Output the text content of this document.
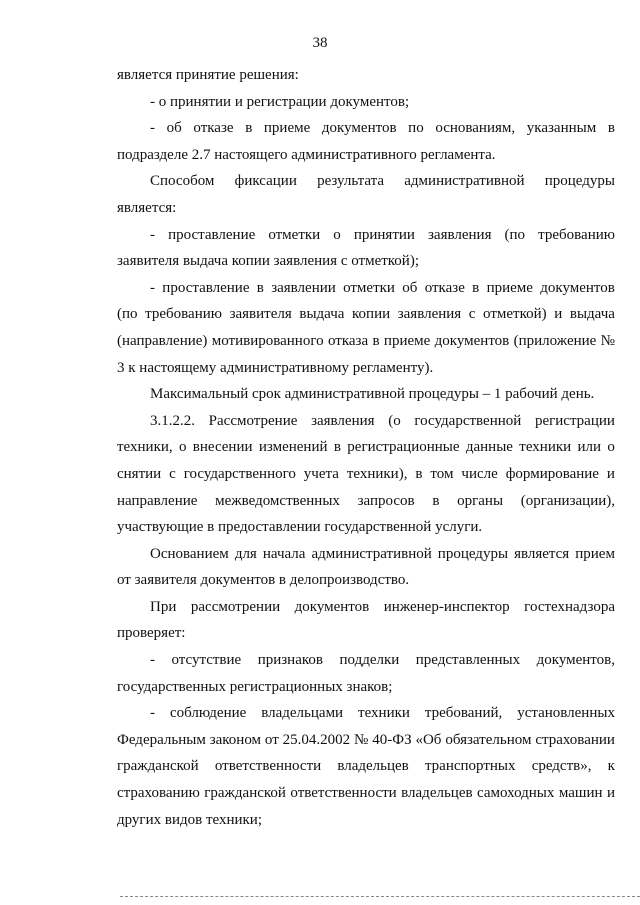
38
является принятие решения:
- о принятии и регистрации документов;
- об отказе в приеме документов по основаниям, указанным в
подразделе 2.7 настоящего административного регламента.
Способом фиксации результата административной процедуры
является:
- проставление отметки о принятии заявления (по требованию
заявителя выдача копии заявления с отметкой);
- проставление в заявлении отметки об отказе в приеме документов
(по требованию заявителя выдача копии заявления с отметкой) и выдача
(направление) мотивированного отказа в приеме документов (приложение №
3 к настоящему административному регламенту).
Максимальный срок административной процедуры – 1 рабочий день.
3.1.2.2. Рассмотрение заявления (о государственной регистрации
техники, о внесении изменений в регистрационные данные техники или о
снятии с государственного учета техники), в том числе формирование и
направление межведомственных запросов в органы (организации),
участвующие в предоставлении государственной услуги.
Основанием для начала административной процедуры является прием
от заявителя документов в делопроизводство.
При рассмотрении документов инженер-инспектор гостехнадзора
проверяет:
- отсутствие признаков подделки представленных документов,
государственных регистрационных знаков;
- соблюдение владельцами техники требований, установленных
Федеральным законом от 25.04.2002 № 40-ФЗ «Об обязательном страховании
гражданской ответственности владельцев транспортных средств», к
страхованию гражданской ответственности владельцев самоходных машин и
других видов техники;
